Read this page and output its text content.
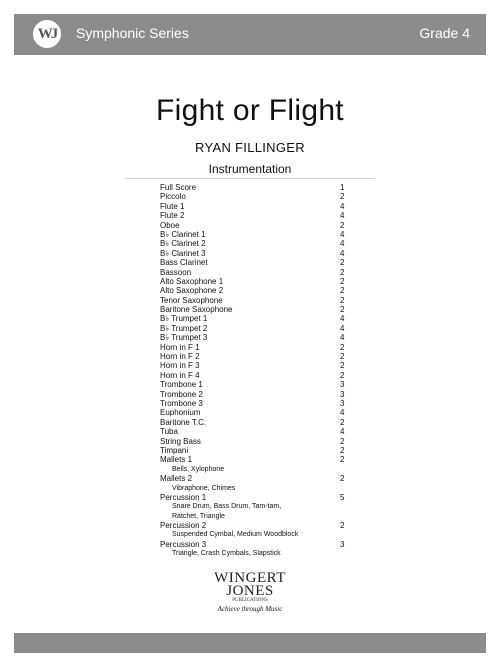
WJ Symphonic Series	Grade 4
Fight or Flight
RYAN FILLINGER
Instrumentation
Full Score	1
Piccolo	2
Flute 1	4
Flute 2	4
Oboe	2
B♭ Clarinet 1	4
B♭ Clarinet 2	4
B♭ Clarinet 3	4
Bass Clarinet	2
Bassoon	2
Alto Saxophone 1	2
Alto Saxophone 2	2
Tenor Saxophone	2
Baritone Saxophone	2
B♭ Trumpet 1	4
B♭ Trumpet 2	4
B♭ Trumpet 3	4
Horn in F 1	2
Horn in F 2	2
Horn in F 3	2
Horn in F 4	2
Trombone 1	3
Trombone 2	3
Trombone 3	3
Euphonium	4
Baritone T.C.	2
Tuba	4
String Bass	2
Timpani	2
Mallets 1	2
Bells, Xylophone
Mallets 2	2
Vibraphone, Chimes
Percussion 1	5
Snare Drum, Bass Drum, Tam-tam,
Ratchet, Triangle
Percussion 2	2
Suspended Cymbal, Medium Woodblock
Percussion 3	3
Triangle, Crash Cymbals, Slapstick
WINGERT
JONES
PUBLICATIONS
Achieve through Music
